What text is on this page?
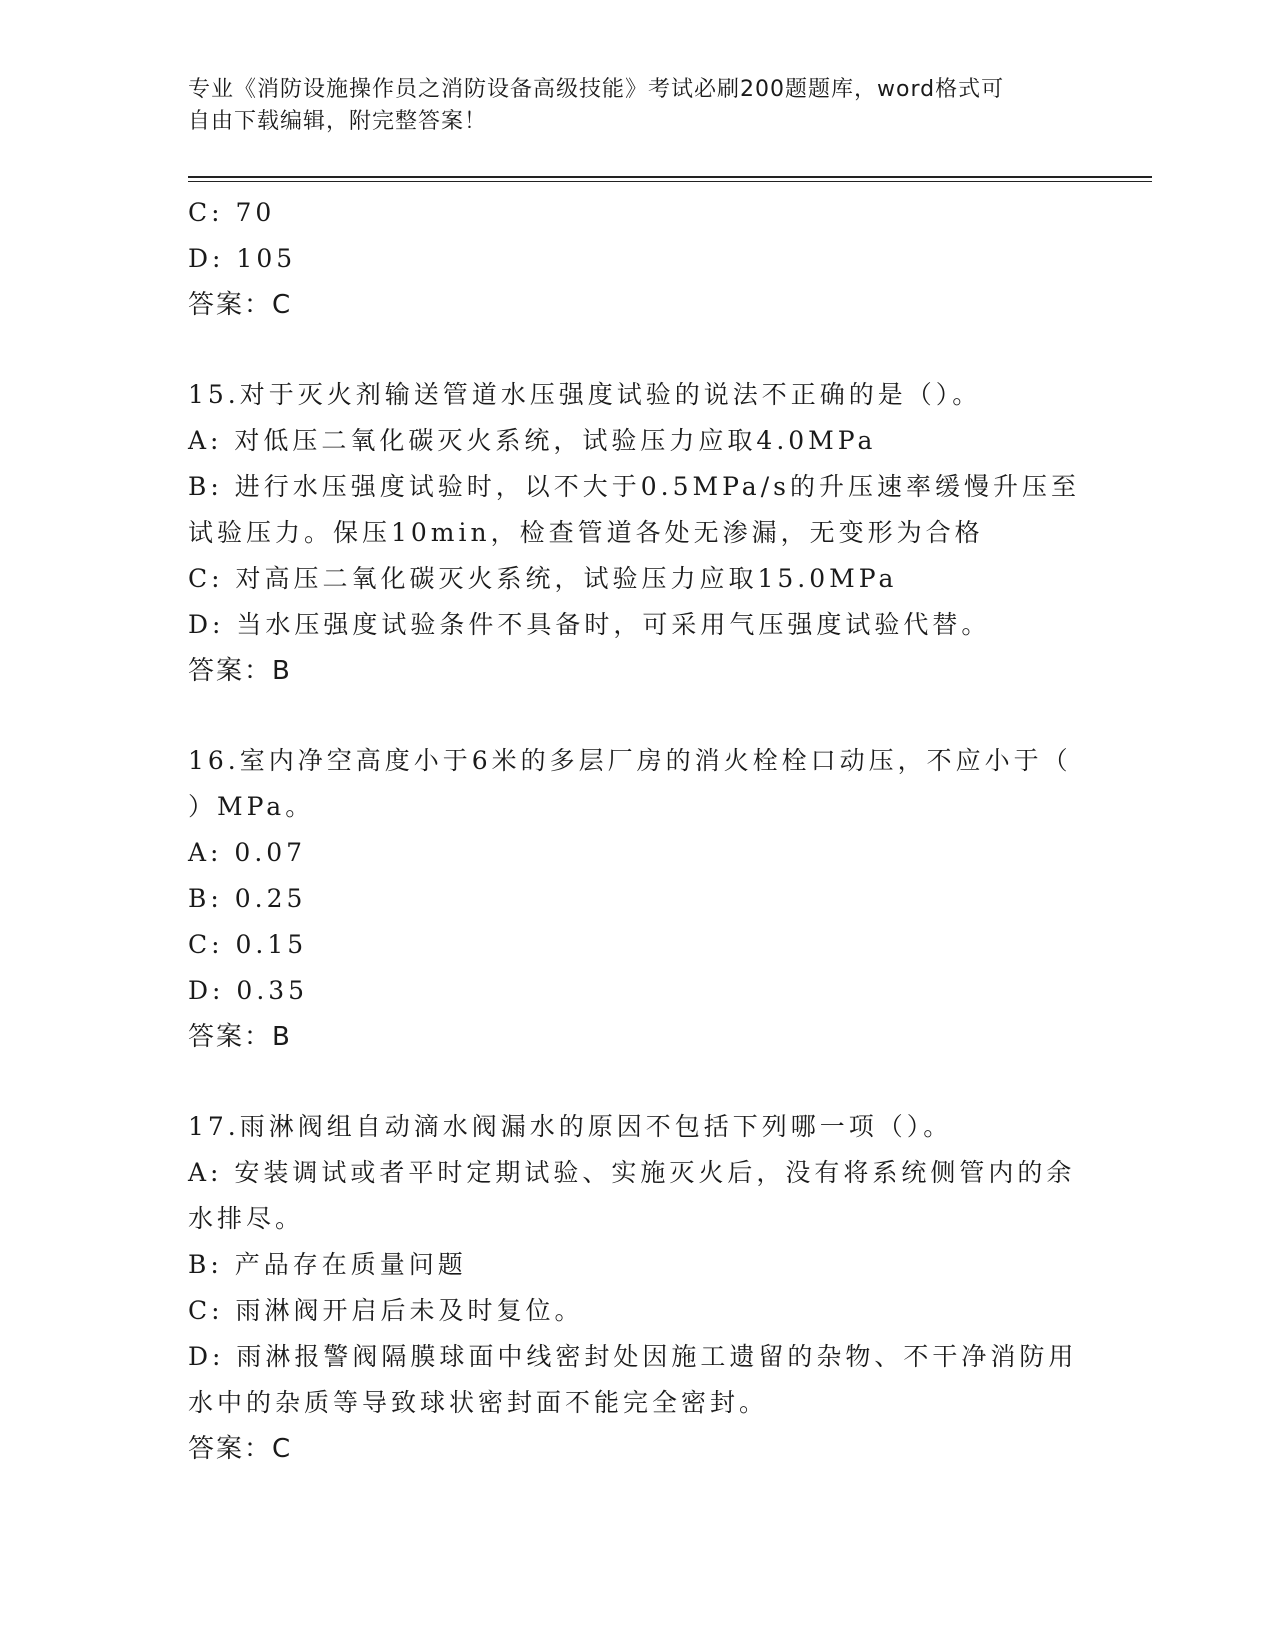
专业《消防设施操作员之消防设备高级技能》考试必刷200题题库，word格式可
自由下载编辑，附完整答案！
C: 70
D: 105
答案：C
15.对于灭火剂输送管道水压强度试验的说法不正确的是（）。
A: 对低压二氧化碳灭火系统，试验压力应取4.0MPa
B: 进行水压强度试验时，以不大于0.5MPa/s的升压速率缓慢升压至
试验压力。保压10min，检查管道各处无渗漏，无变形为合格
C: 对高压二氧化碳灭火系统，试验压力应取15.0MPa
D: 当水压强度试验条件不具备时，可采用气压强度试验代替。
答案：B
16.室内净空高度小于6米的多层厂房的消火栓栓口动压，不应小于（
）MPa。
A: 0.07
B: 0.25
C: 0.15
D: 0.35
答案：B
17.雨淋阀组自动滴水阀漏水的原因不包括下列哪一项（）。
A: 安装调试或者平时定期试验、实施灭火后，没有将系统侧管内的余
水排尽。
B: 产品存在质量问题
C: 雨淋阀开启后未及时复位。
D: 雨淋报警阀隔膜球面中线密封处因施工遗留的杂物、不干净消防用
水中的杂质等导致球状密封面不能完全密封。
答案：C
